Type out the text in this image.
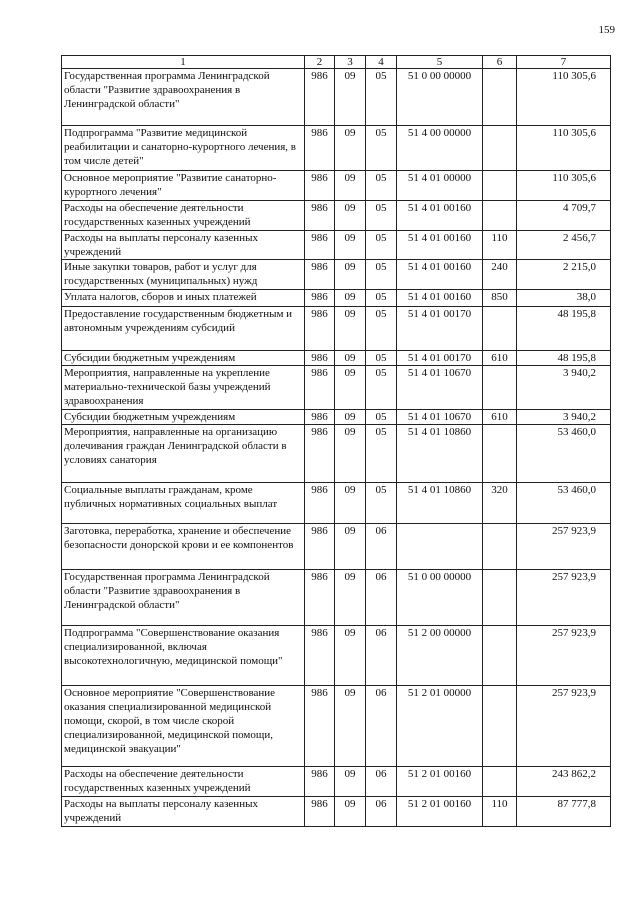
159
1	2	3	4	5	6	7
Государственная программа Ленинградской области "Развитие здравоохранения в Ленинградской области"	986	09	05	51 0 00 00000		110 305,6
Подпрограмма "Развитие медицинской реабилитации и санаторно-курортного лечения, в том числе детей"	986	09	05	51 4 00 00000		110 305,6
Основное мероприятие "Развитие санаторно-курортного лечения"	986	09	05	51 4 01 00000		110 305,6
Расходы на обеспечение деятельности государственных казенных учреждений	986	09	05	51 4 01 00160		4 709,7
Расходы на выплаты персоналу казенных учреждений	986	09	05	51 4 01 00160	110	2 456,7
Иные закупки товаров, работ и услуг для государственных (муниципальных) нужд	986	09	05	51 4 01 00160	240	2 215,0
Уплата налогов, сборов и иных платежей	986	09	05	51 4 01 00160	850	38,0
Предоставление государственным бюджетным и автономным учреждениям субсидий	986	09	05	51 4 01 00170		48 195,8
Субсидии бюджетным учреждениям	986	09	05	51 4 01 00170	610	48 195,8
Мероприятия, направленные на укрепление материально-технической базы учреждений здравоохранения	986	09	05	51 4 01 10670		3 940,2
Субсидии бюджетным учреждениям	986	09	05	51 4 01 10670	610	3 940,2
Мероприятия, направленные на организацию долечивания граждан Ленинградской области в условиях санатория	986	09	05	51 4 01 10860		53 460,0
Социальные выплаты гражданам, кроме публичных нормативных социальных выплат	986	09	05	51 4 01 10860	320	53 460,0
Заготовка, переработка, хранение и обеспечение безопасности донорской крови и ее компонентов	986	09	06			257 923,9
Государственная программа Ленинградской области "Развитие здравоохранения в Ленинградской области"	986	09	06	51 0 00 00000		257 923,9
Подпрограмма "Совершенствование оказания специализированной, включая высокотехнологичную, медицинской помощи"	986	09	06	51 2 00 00000		257 923,9
Основное мероприятие "Совершенствование оказания специализированной медицинской помощи, скорой, в том числе скорой специализированной, медицинской помощи, медицинской эвакуации"	986	09	06	51 2 01 00000		257 923,9
Расходы на обеспечение деятельности государственных казенных учреждений	986	09	06	51 2 01 00160		243 862,2
Расходы на выплаты персоналу казенных учреждений	986	09	06	51 2 01 00160	110	87 777,8
